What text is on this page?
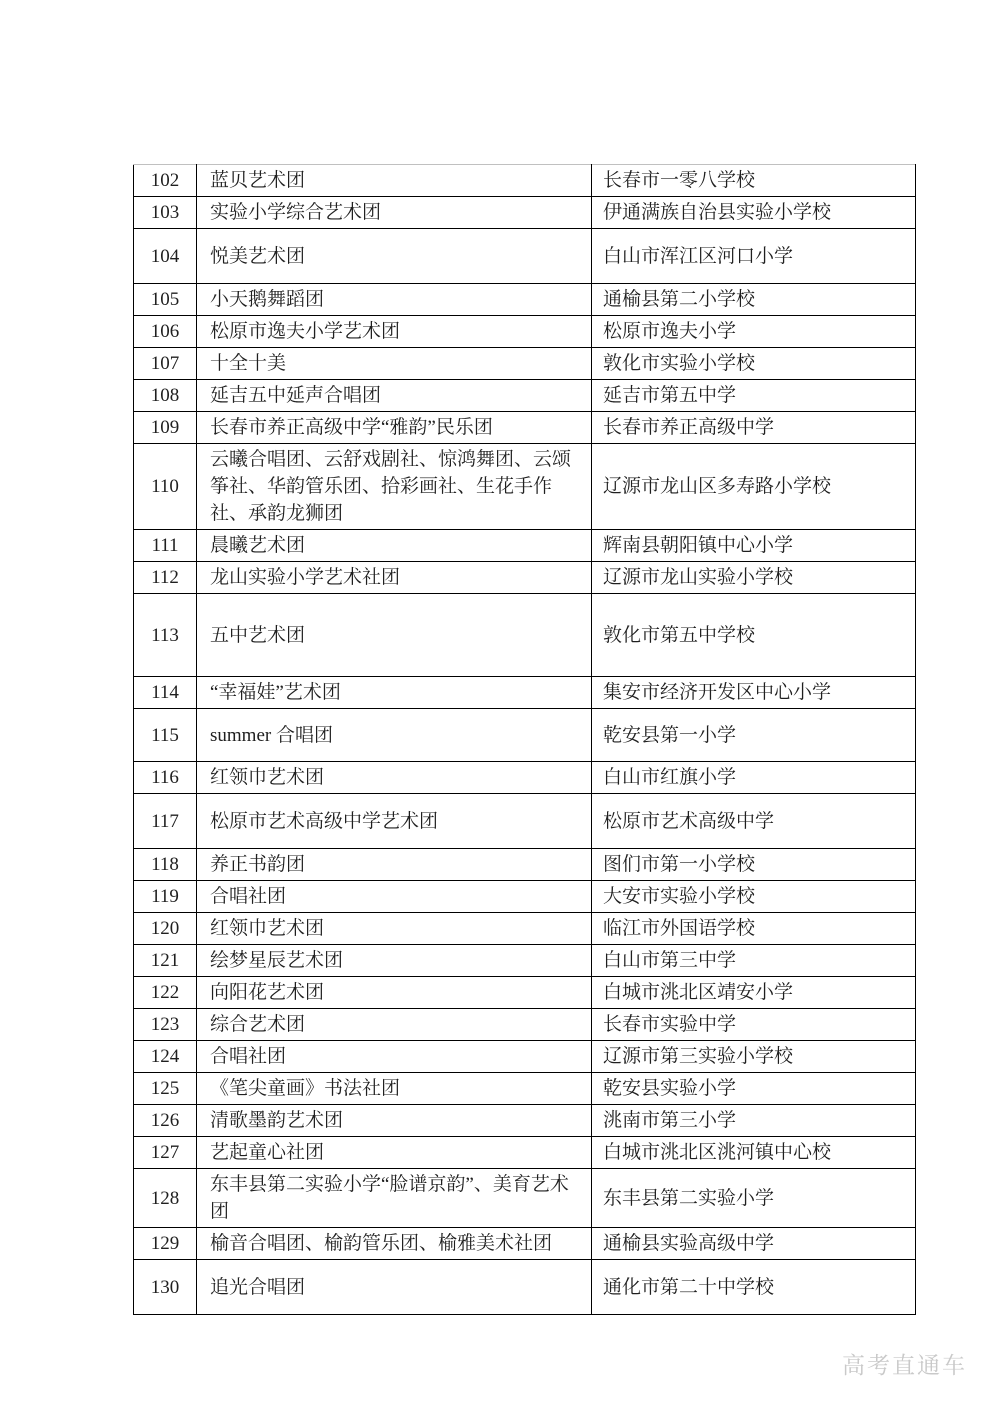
102	蓝贝艺术团	长春市一零八学校
103	实验小学综合艺术团	伊通满族自治县实验小学校
104	悦美艺术团	白山市浑江区河口小学
105	小天鹅舞蹈团	通榆县第二小学校
106	松原市逸夫小学艺术团	松原市逸夫小学
107	十全十美	敦化市实验小学校
108	延吉五中延声合唱团	延吉市第五中学
109	长春市养正高级中学“雅韵”民乐团	长春市养正高级中学
110	云曦合唱团、云舒戏剧社、惊鸿舞团、云颂筝社、华韵管乐团、拾彩画社、生花手作社、承韵龙狮团	辽源市龙山区多寿路小学校
111	晨曦艺术团	辉南县朝阳镇中心小学
112	龙山实验小学艺术社团	辽源市龙山实验小学校
113	五中艺术团	敦化市第五中学校
114	“幸福娃”艺术团	集安市经济开发区中心小学
115	summer 合唱团	乾安县第一小学
116	红领巾艺术团	白山市红旗小学
117	松原市艺术高级中学艺术团	松原市艺术高级中学
118	养正书韵团	图们市第一小学校
119	合唱社团	大安市实验小学校
120	红领巾艺术团	临江市外国语学校
121	绘梦星辰艺术团	白山市第三中学
122	向阳花艺术团	白城市洮北区靖安小学
123	综合艺术团	长春市实验中学
124	合唱社团	辽源市第三实验小学校
125	《笔尖童画》书法社团	乾安县实验小学
126	清歌墨韵艺术团	洮南市第三小学
127	艺起童心社团	白城市洮北区洮河镇中心校
128	东丰县第二实验小学“脸谱京韵”、美育艺术团	东丰县第二实验小学
129	榆音合唱团、榆韵管乐团、榆雅美术社团	通榆县实验高级中学
130	追光合唱团	通化市第二十中学校
高考直通车
